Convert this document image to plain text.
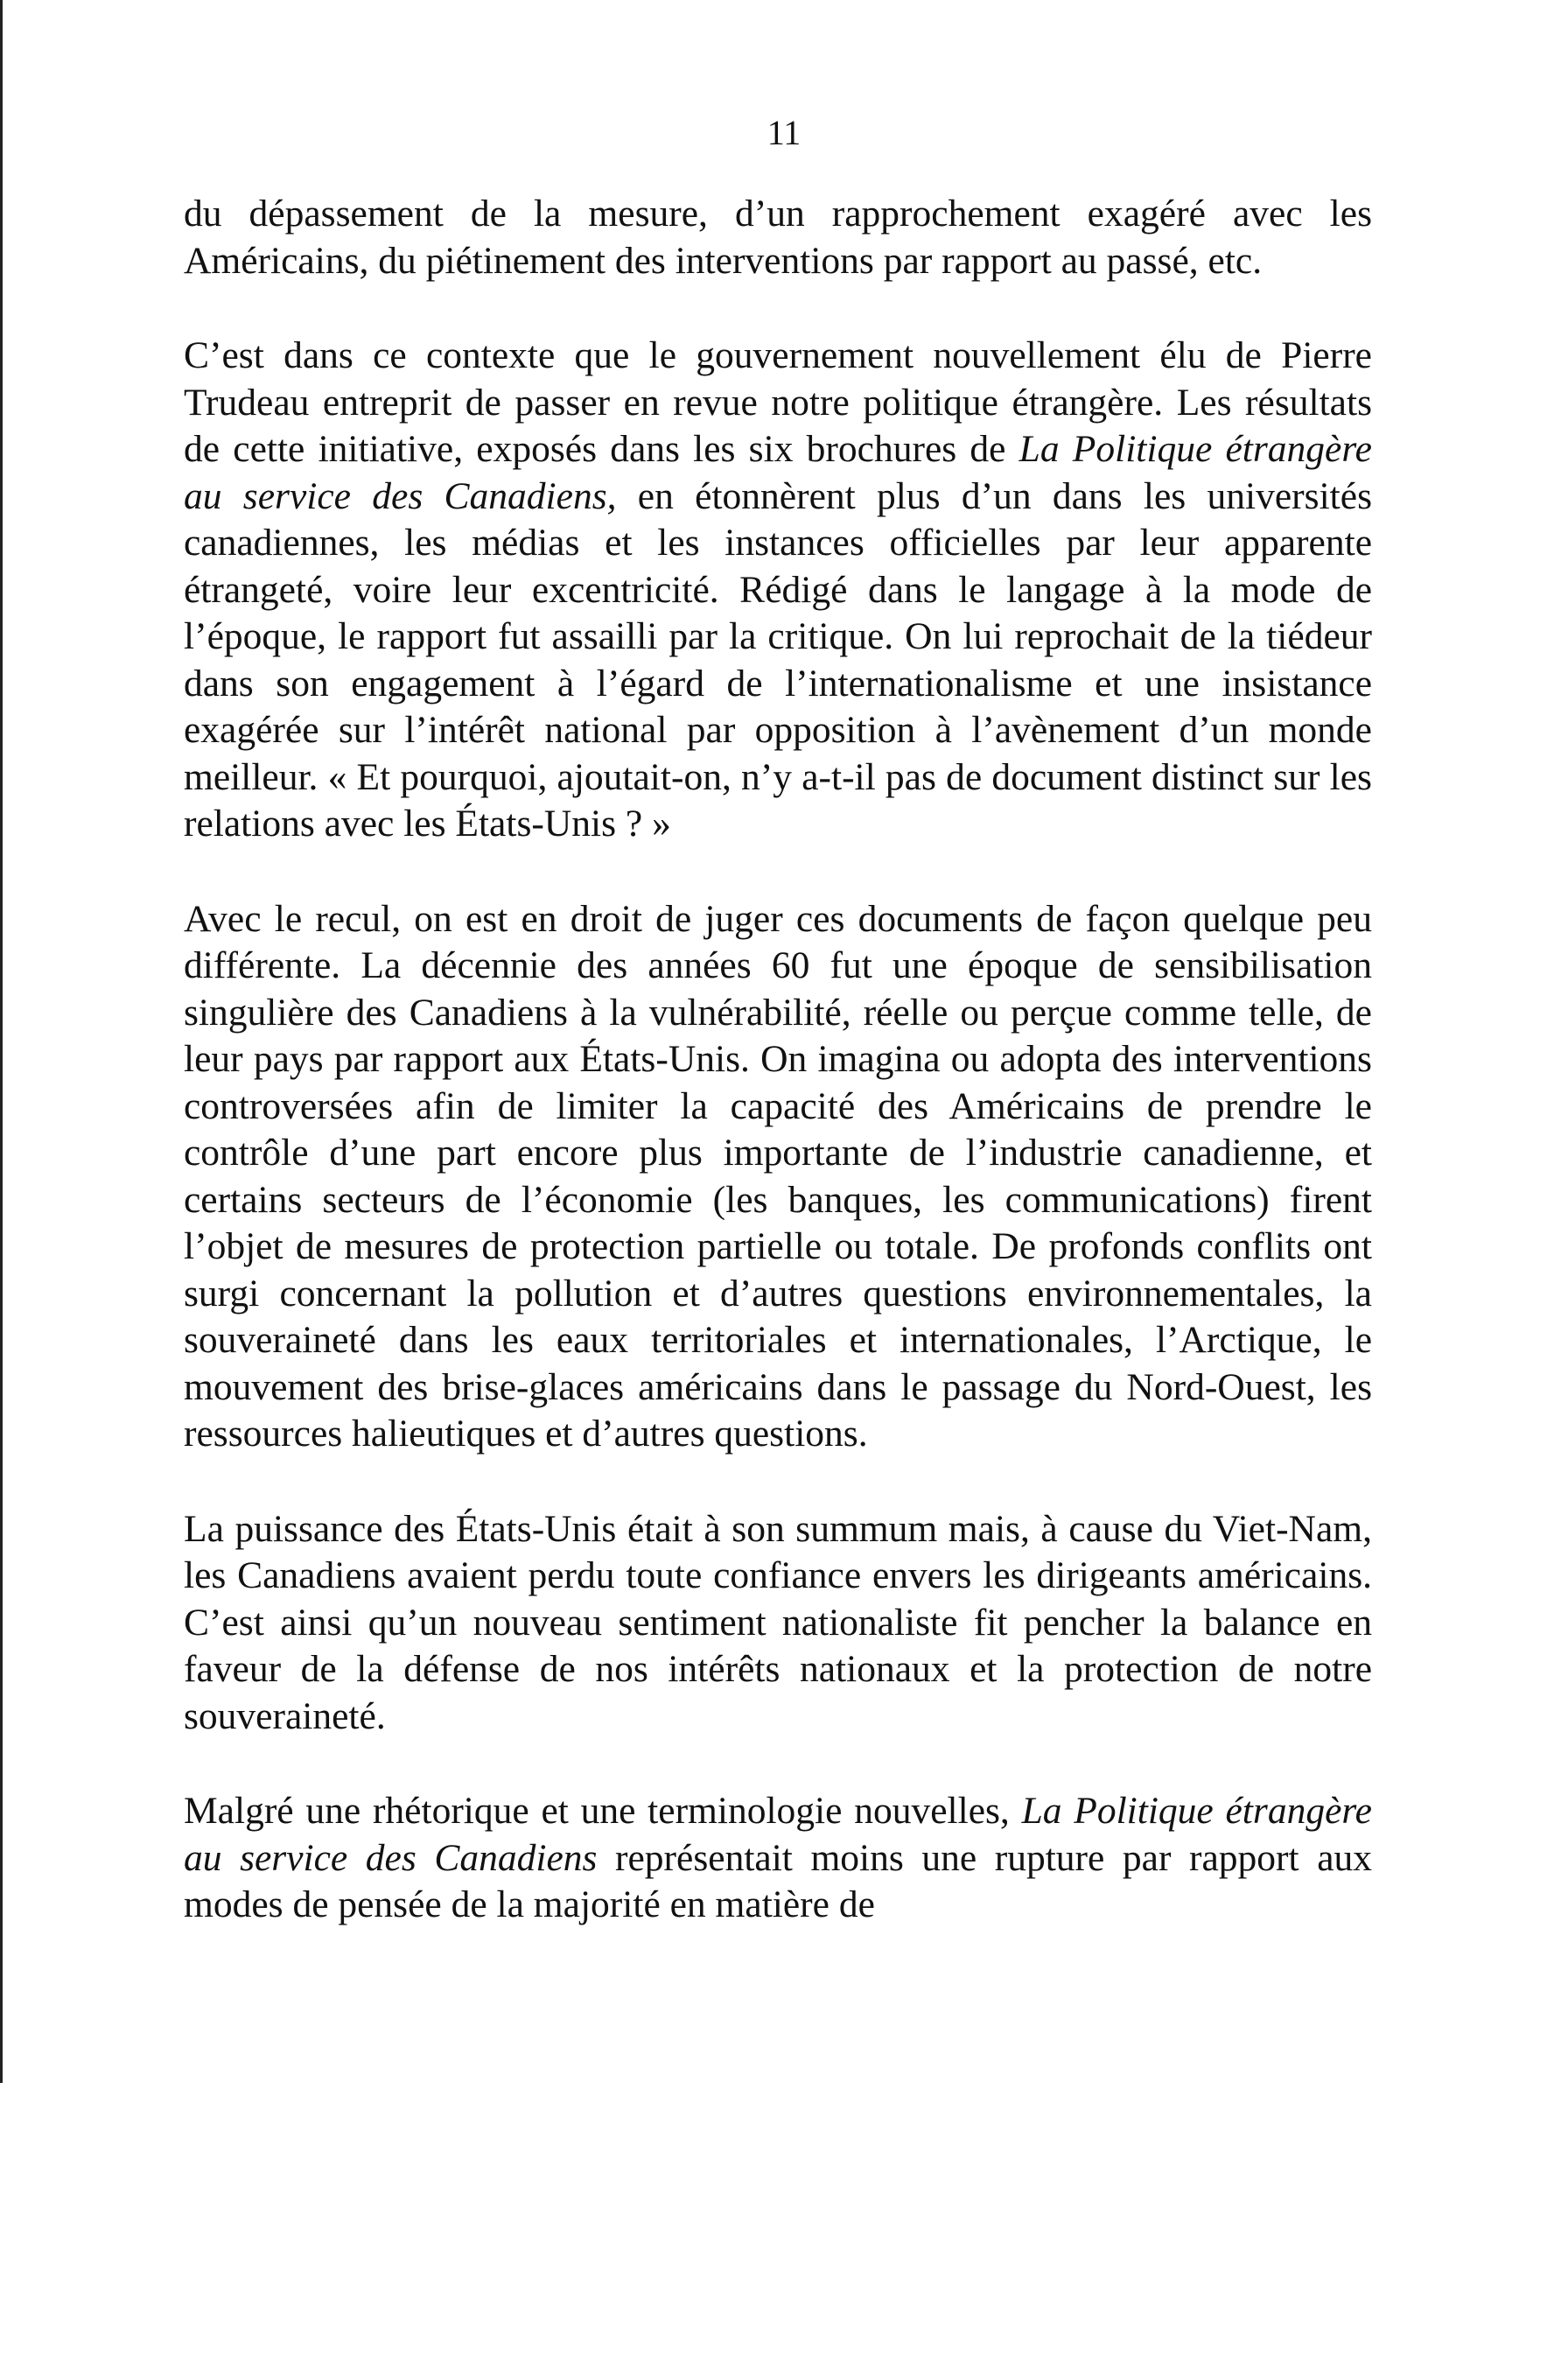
11

du dépassement de la mesure, d’un rapprochement exagéré avec les Américains, du piétinement des interventions par rapport au passé, etc.

C’est dans ce contexte que le gouvernement nouvellement élu de Pierre Trudeau entreprit de passer en revue notre politique étrangère. Les résultats de cette initiative, exposés dans les six brochures de La Politique étrangère au service des Canadiens, en étonnèrent plus d’un dans les universités canadiennes, les médias et les instances officielles par leur apparente étrangeté, voire leur excentricité. Rédigé dans le langage à la mode de l’époque, le rapport fut assailli par la critique. On lui reprochait de la tiédeur dans son engagement à l’égard de l’internationalisme et une insistance exagérée sur l’intérêt national par opposition à l’avènement d’un monde meilleur. « Et pourquoi, ajoutait-on, n’y a-t-il pas de document distinct sur les relations avec les États-Unis ? »

Avec le recul, on est en droit de juger ces documents de façon quelque peu différente. La décennie des années 60 fut une époque de sensibilisation singulière des Canadiens à la vulnérabilité, réelle ou perçue comme telle, de leur pays par rapport aux États-Unis. On imagina ou adopta des interventions controversées afin de limiter la capacité des Américains de prendre le contrôle d’une part encore plus importante de l’industrie canadienne, et certains secteurs de l’économie (les banques, les communications) firent l’objet de mesures de protection partielle ou totale. De profonds conflits ont surgi concernant la pollution et d’autres questions environnementales, la souveraineté dans les eaux territoriales et internationales, l’Arctique, le mouvement des brise-glaces américains dans le passage du Nord-Ouest, les ressources halieutiques et d’autres questions.

La puissance des États-Unis était à son summum mais, à cause du Viet-Nam, les Canadiens avaient perdu toute confiance envers les dirigeants américains. C’est ainsi qu’un nouveau sentiment nationaliste fit pencher la balance en faveur de la défense de nos intérêts nationaux et la protection de notre souveraineté.

Malgré une rhétorique et une terminologie nouvelles, La Politique étrangère au service des Canadiens représentait moins une rupture par rapport aux modes de pensée de la majorité en matière de
